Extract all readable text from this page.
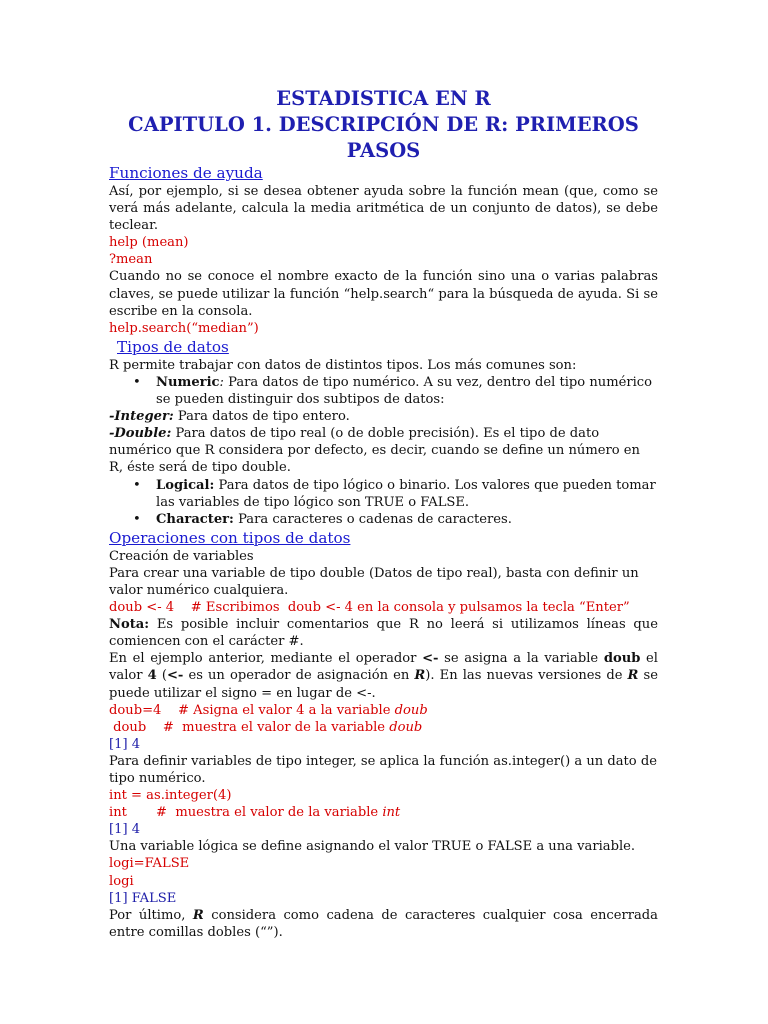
ESTADISTICA EN R
CAPITULO 1. DESCRIPCIÓN DE R: PRIMEROS PASOS
Funciones de ayuda

Así, por ejemplo, si se desea obtener ayuda sobre la función mean (que, como se verá más adelante, calcula la media aritmética de un conjunto de datos), se debe teclear.

help (mean)
?mean

Cuando no se conoce el nombre exacto de la función sino una o varias palabras claves, se puede utilizar la función “help.search“ para la búsqueda de ayuda. Si se escribe en la consola.

help.search(“median”)
Tipos de datos

R permite trabajar con datos de distintos tipos. Los más comunes son:

• Numeric: Para datos de tipo numérico. A su vez, dentro del tipo numérico se pueden distinguir dos subtipos de datos:

-Integer: Para datos de tipo entero.

-Double: Para datos de tipo real (o de doble precisión). Es el tipo de dato numérico que R considera por defecto, es decir, cuando se define un número en R, éste será de tipo double.

• Logical: Para datos de tipo lógico o binario. Los valores que pueden tomar las variables de tipo lógico son TRUE o FALSE.
• Character: Para caracteres o cadenas de caracteres.
Operaciones con tipos de datos
Creación de variables

Para crear una variable de tipo double (Datos de tipo real), basta con definir un valor numérico cualquiera.

doub <- 4    # Escribimos  doub <- 4 en la consola y pulsamos la tecla “Enter”

Nota: Es posible incluir comentarios que R no leerá si utilizamos líneas que comiencen con el carácter #.

En el ejemplo anterior, mediante el operador <- se asigna a la variable doub el valor 4 (<- es un operador de asignación en R). En las nuevas versiones de R se puede utilizar el signo = en lugar de <-.

doub=4    # Asigna el valor 4 a la variable doub
doub    #  muestra el valor de la variable doub
[1] 4

Para definir variables de tipo integer, se aplica la función as.integer() a un dato de tipo numérico.

int = as.integer(4)
int       #  muestra el valor de la variable int
[1] 4

Una variable lógica se define asignando el valor TRUE o FALSE a una variable.

logi=FALSE
logi
[1] FALSE

Por último, R considera como cadena de caracteres cualquier cosa encerrada entre comillas dobles (“”).
